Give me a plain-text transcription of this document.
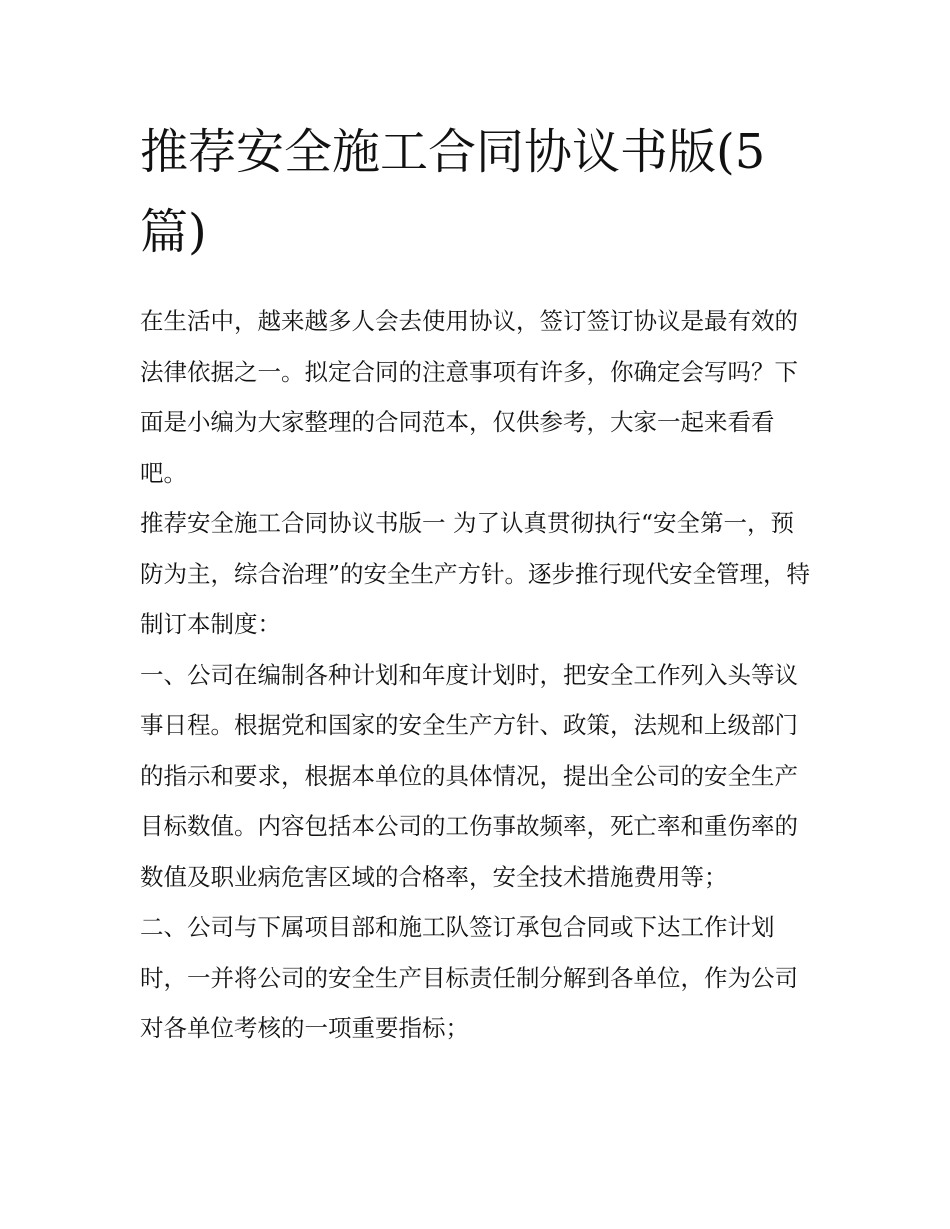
推荐安全施工合同协议书版(5篇)

在生活中，越来越多人会去使用协议，签订签订协议是最有效的法律依据之一。拟定合同的注意事项有许多，你确定会写吗？下面是小编为大家整理的合同范本，仅供参考，大家一起来看看吧。

推荐安全施工合同协议书版一 为了认真贯彻执行“安全第一，预防为主，综合治理”的安全生产方针。逐步推行现代安全管理，特制订本制度：

一、公司在编制各种计划和年度计划时，把安全工作列入头等议事日程。根据党和国家的安全生产方针、政策，法规和上级部门的指示和要求，根据本单位的具体情况，提出全公司的安全生产目标数值。内容包括本公司的工伤事故频率，死亡率和重伤率的数值及职业病危害区域的合格率，安全技术措施费用等；

二、公司与下属项目部和施工队签订承包合同或下达工作计划时，一并将公司的安全生产目标责任制分解到各单位，作为公司对各单位考核的一项重要指标；
